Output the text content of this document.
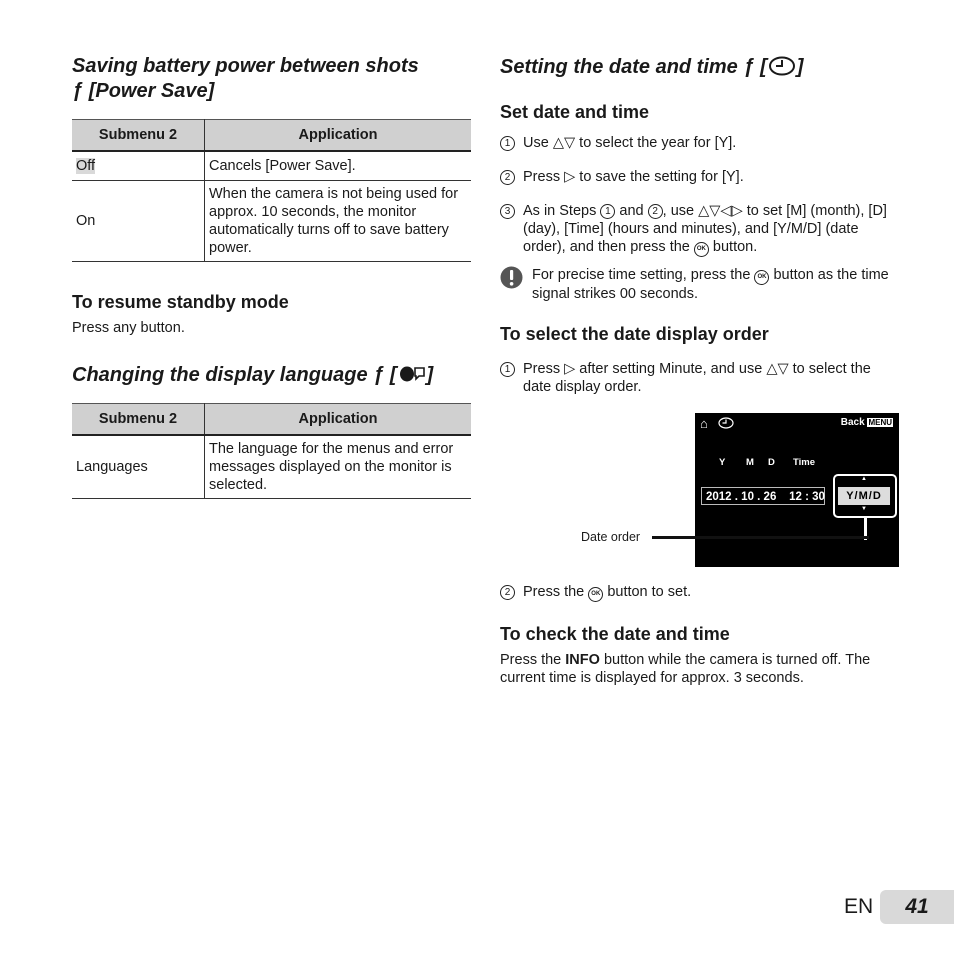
Saving battery power between shots
ƒ [Power Save]
Submenu 2	Application
Off	Cancels [Power Save].
On	When the camera is not being used for approx. 10 seconds, the monitor automatically turns off to save battery power.
To resume standby mode
Press any button.
Changing the display language ƒ [ ]
Submenu 2	Application
Languages	The language for the menus and error messages displayed on the monitor is selected.
Setting the date and time ƒ [ ]
Set date and time
1 Use △▽ to select the year for [Y].
2 Press ▷ to save the setting for [Y].
3 As in Steps 1 and 2 , use △▽◁▷ to set [M] (month), [D] (day), [Time] (hours and minutes), and [Y/M/D] (date order), and then press the OK button.
For precise time setting, press the OK button as the time signal strikes 00 seconds.
To select the date display order
1 Press ▷ after setting Minute, and use △▽ to select the date display order.
⌂	Back MENU
Y M D Time
2012 . 10 . 26    12 : 30
▲
Y/M/D
▼
Date order
2 Press the OK button to set.
To check the date and time
Press the INFO button while the camera is turned off. The current time is displayed for approx. 3 seconds.
EN	41
